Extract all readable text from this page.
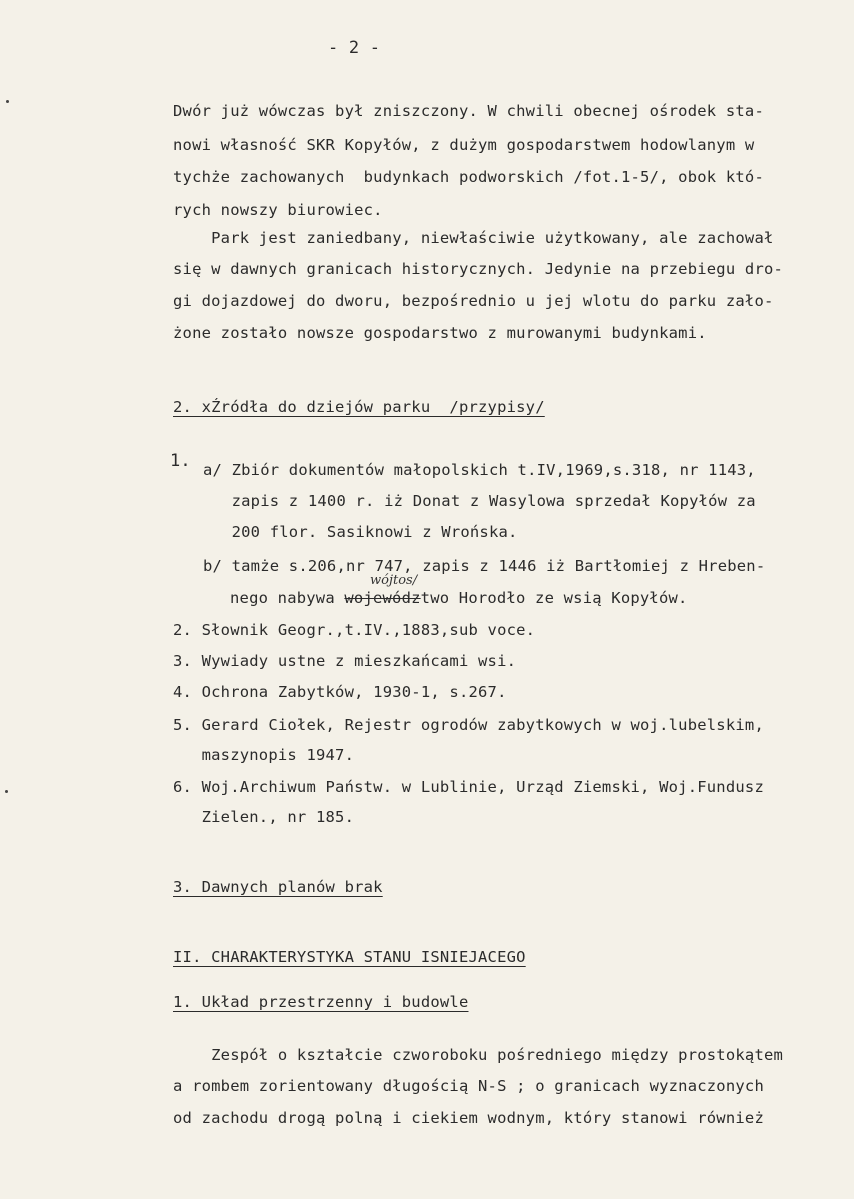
- 2 -
Dwór już wówczas był zniszczony. W chwili obecnej ośrodek sta-
nowi własność SKR Kopyłów, z dużym gospodarstwem hodowlanym w
tychże zachowanych  budynkach podworskich /fot.1-5/, obok któ-
rych nowszy biurowiec.
Park jest zaniedbany, niewłaściwie użytkowany, ale zachował
się w dawnych granicach historycznych. Jedynie na przebiegu dro-
gi dojazdowej do dworu, bezpośrednio u jej wlotu do parku zało-
żone zostało nowsze gospodarstwo z murowanymi budynkami.
2. xŹródła do dziejów parku  /przypisy/
1. a/ Zbiór dokumentów małopolskich t.IV,1969,s.318, nr 1143,
zapis z 1400 r. iż Donat z Wasylowa sprzedał Kopyłów za
200 flor. Sasiknowi z Wrońska.
b/ tamże s.206,nr 747, zapis z 1446 iż Bartłomiej z Hreben-
wójtos/
nego nabywa województwo Horodło ze wsią Kopyłów.
2. Słownik Geogr.,t.IV.,1883,sub voce.
3. Wywiady ustne z mieszkańcami wsi.
4. Ochrona Zabytków, 1930-1, s.267.
5. Gerard Ciołek, Rejestr ogrodów zabytkowych w woj.lubelskim,
maszynopis 1947.
6. Woj.Archiwum Państw. w Lublinie, Urząd Ziemski, Woj.Fundusz
Zielen., nr 185.
3. Dawnych planów brak
II. CHARAKTERYSTYKA STANU ISNIEJACEGO
1. Układ przestrzenny i budowle
Zespół o kształcie czworoboku pośredniego między prostokątem
a rombem zorientowany długością N-S ; o granicach wyznaczonych
od zachodu drogą polną i ciekiem wodnym, który stanowi również
